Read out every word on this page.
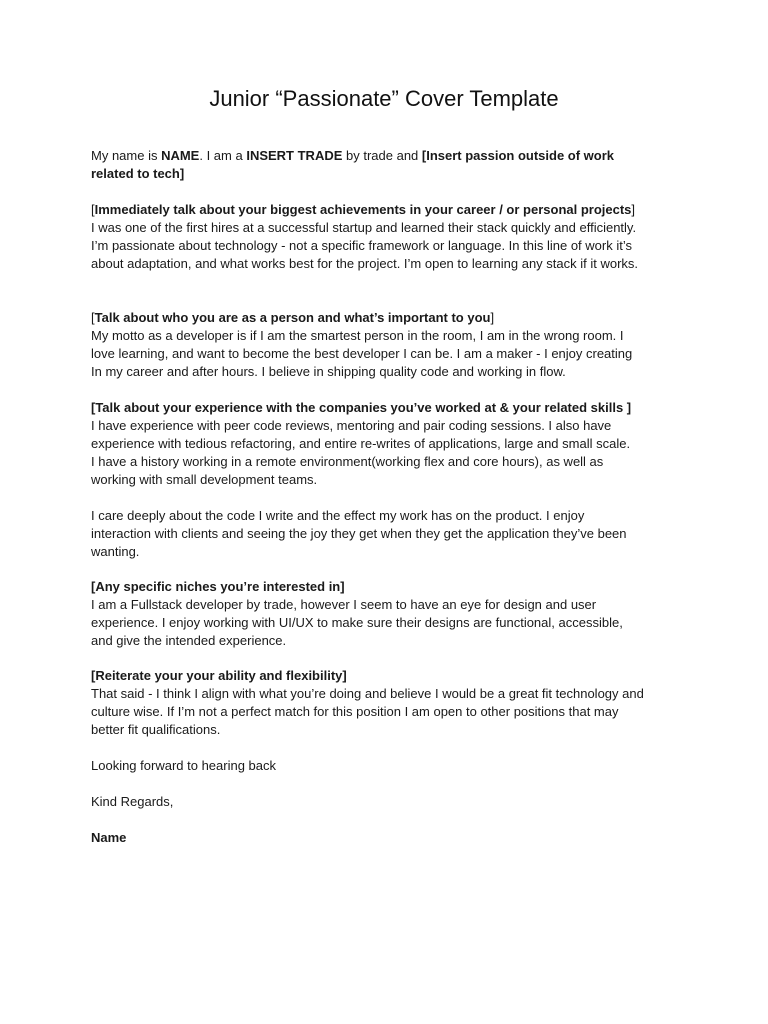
Junior “Passionate” Cover Template
My name is NAME. I am a INSERT TRADE by trade and [Insert passion outside of work
related to tech]
[Immediately talk about your biggest achievements in your career / or personal projects]
I was one of the first hires at a successful startup and learned their stack quickly and efficiently.
I’m passionate about technology - not a specific framework or language. In this line of work it’s
about adaptation, and what works best for the project. I’m open to learning any stack if it works.
[Talk about who you are as a person and what’s important to you]
My motto as a developer is if I am the smartest person in the room, I am in the wrong room. I
love learning, and want to become the best developer I can be. I am a maker - I enjoy creating
In my career and after hours. I believe in shipping quality code and working in flow.
[Talk about your experience with the companies you’ve worked at & your related skills ]
I have experience with peer code reviews, mentoring and pair coding sessions. I also have
experience with tedious refactoring, and entire re-writes of applications, large and small scale.
I have a history working in a remote environment(working flex and core hours), as well as
working with small development teams.
I care deeply about the code I write and the effect my work has on the product. I enjoy
interaction with clients and seeing the joy they get when they get the application they’ve been
wanting.
[Any specific niches you’re interested in]
I am a Fullstack developer by trade, however I seem to have an eye for design and user
experience. I enjoy working with UI/UX to make sure their designs are functional, accessible,
and give the intended experience.
[Reiterate your your ability and flexibility]
That said - I think I align with what you’re doing and believe I would be a great fit technology and
culture wise. If I’m not a perfect match for this position I am open to other positions that may
better fit qualifications.
Looking forward to hearing back
Kind Regards,
Name
